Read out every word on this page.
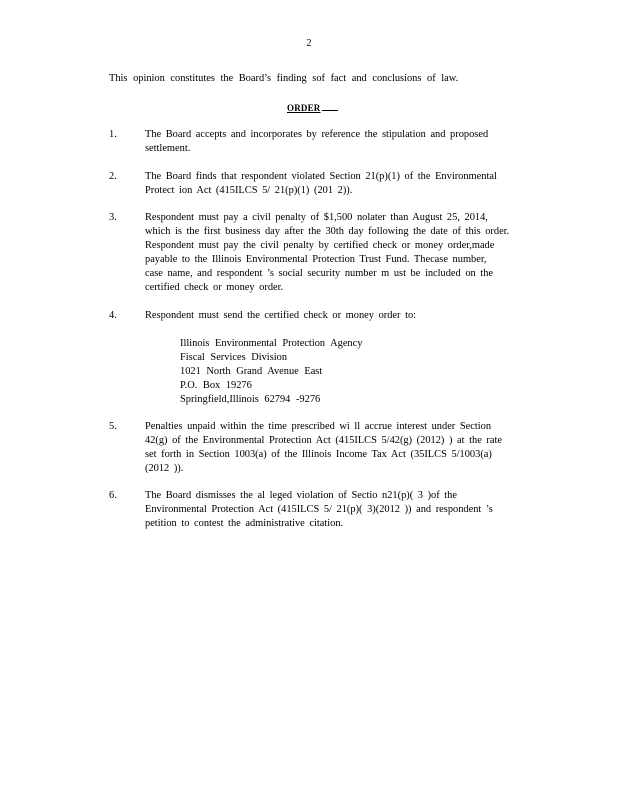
2
This opinion constitutes the Board’s finding sof fact and conclusions of law.
ORDER
1.	The Board accepts and incorporates by reference the stipulation and proposed
settlement.
2.	The Board finds that respondent violated Section 21(p)(1) of the Environmental
Protect ion Act (415ILCS 5/ 21(p)(1) (201 2)).
3.	Respondent must pay a civil penalty of $1,500 nolater than August 25, 2014,
which is the first business day after the 30th day following the date of this order.
Respondent must pay the civil penalty by certified check or money order,made
payable to the Illinois Environmental Protection Trust Fund. Thecase number,
case name, and respondent ’s social security number m ust be included on the
certified check or money order.
4.	Respondent must send the certified check or money order to:
Illinois Environmental Protection Agency
Fiscal Services Division
1021 North Grand Avenue East
P.O. Box 19276
Springfield,Illinois 62794 -9276
5.	Penalties unpaid within the time prescribed wi ll accrue interest under Section
42(g) of the Environmental Protection Act (415ILCS 5/42(g) (2012) ) at the rate
set forth in Section 1003(a) of the Illinois Income Tax Act (35ILCS 5/1003(a)
(2012 )).
6.	The Board dismisses the al leged violation of Sectio n21(p)( 3 )of the
Environmental Protection Act (415ILCS 5/ 21(p)( 3)(2012 )) and respondent ’s
petition to contest the administrative citation.
